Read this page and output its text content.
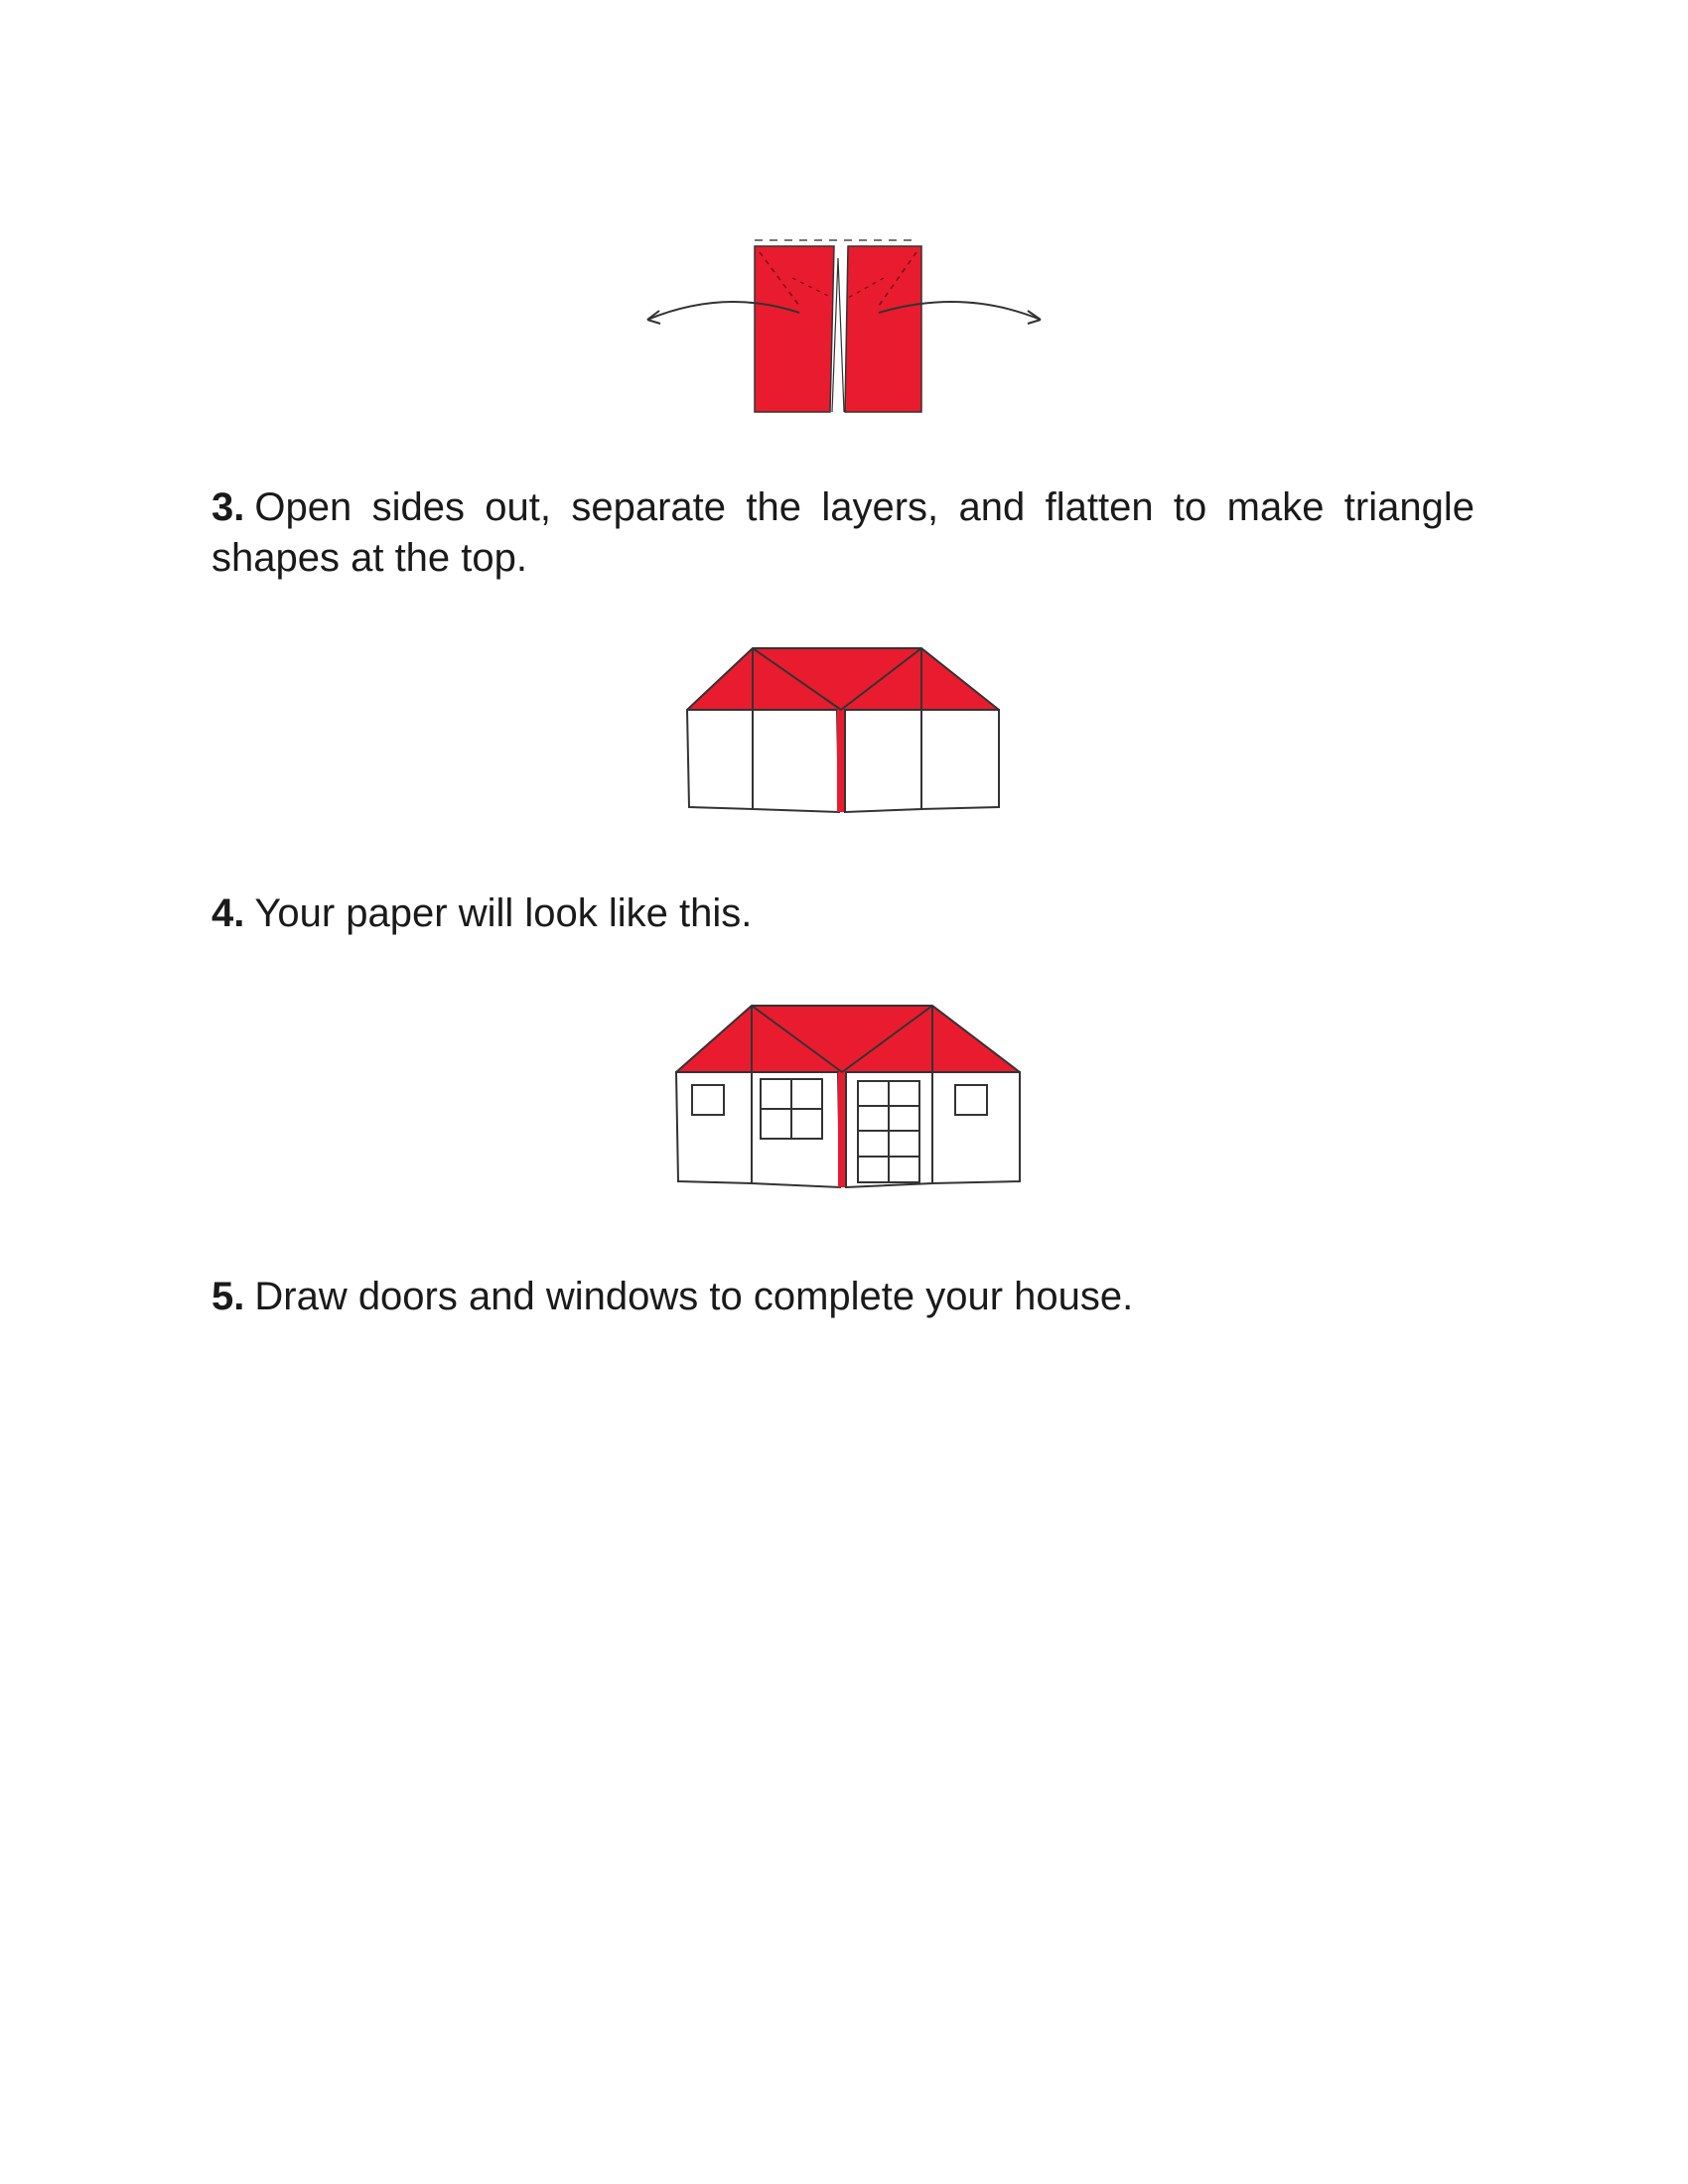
3. Open sides out, separate the layers, and flatten to make triangle shapes at the top.

4. Your paper will look like this.

5. Draw doors and windows to complete your house.
